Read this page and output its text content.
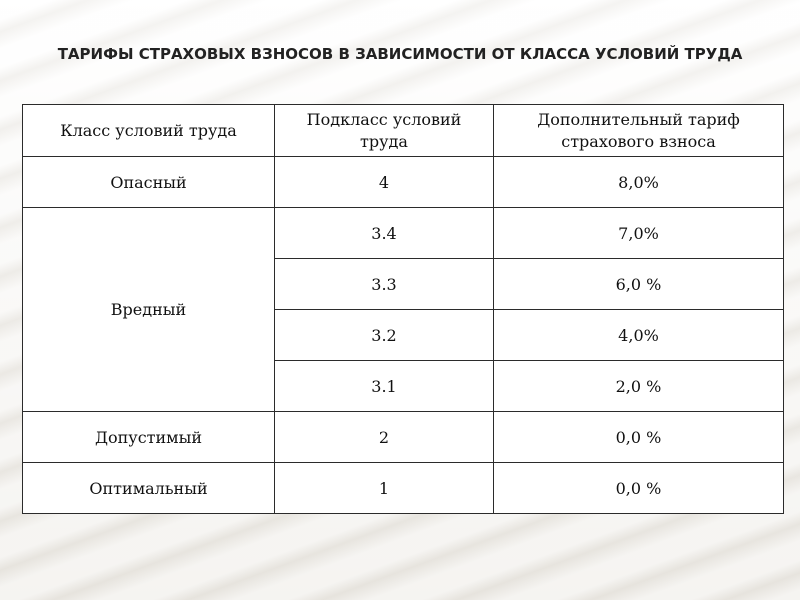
ТАРИФЫ СТРАХОВЫХ ВЗНОСОВ В ЗАВИСИМОСТИ ОТ КЛАССА УСЛОВИЙ ТРУДА
Класс условий труда	Подкласс условий труда	Дополнительный тариф страхового взноса
Опасный	4	8,0%
Вредный	3.4	7,0%
	3.3	6,0 %
	3.2	4,0%
	3.1	2,0 %
Допустимый	2	0,0 %
Оптимальный	1	0,0 %
